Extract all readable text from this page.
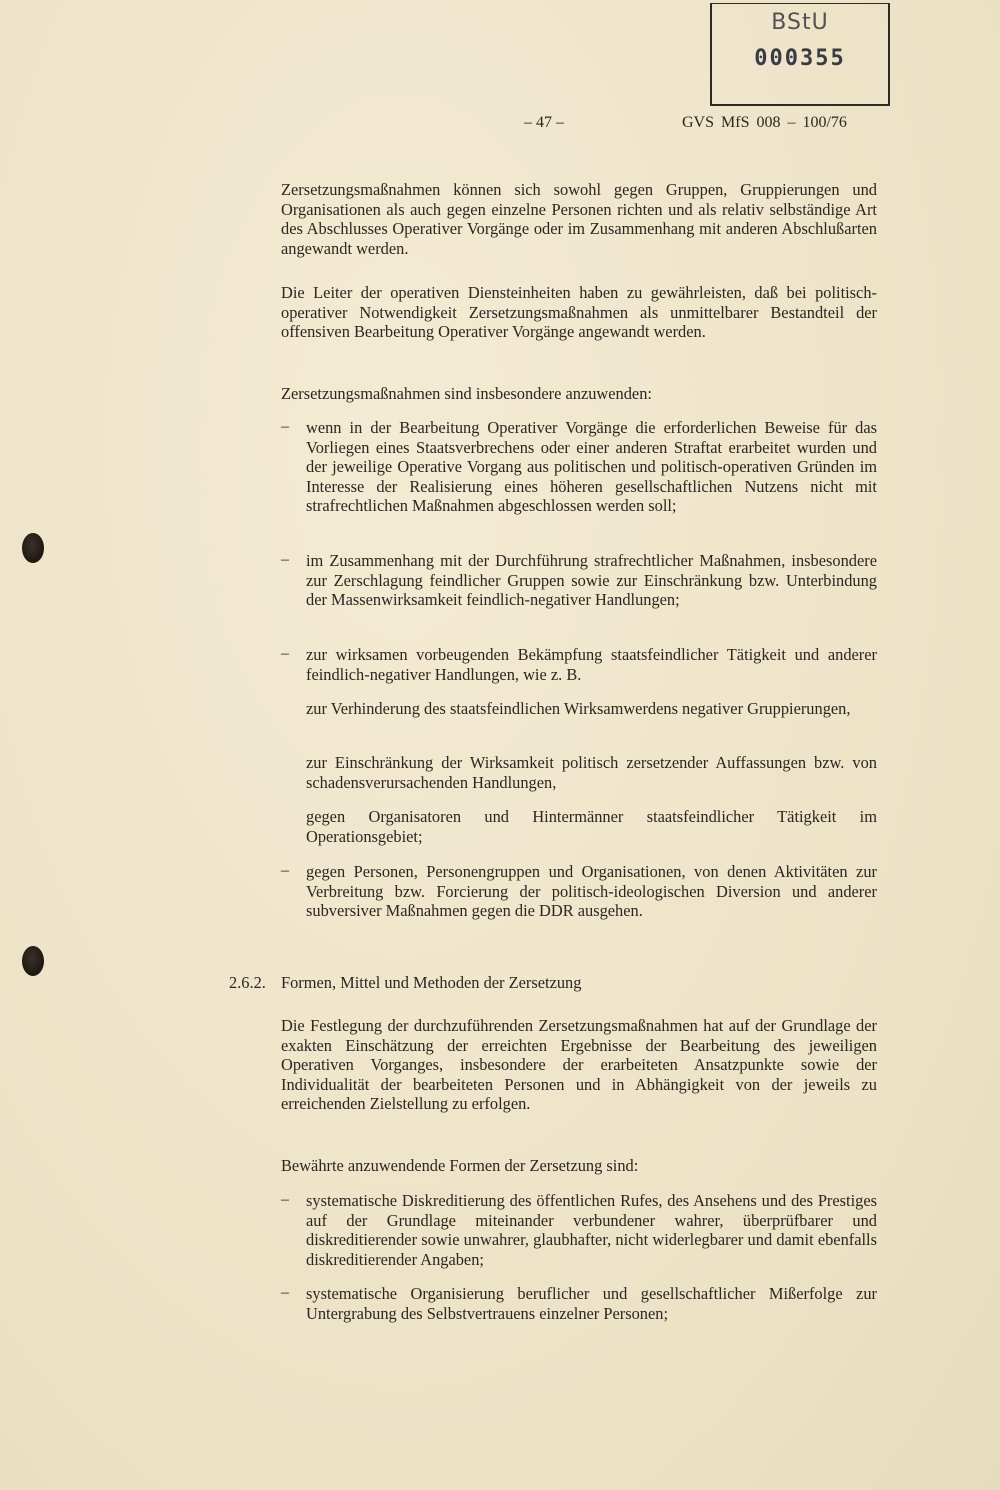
BStU
000355
– 47 –	GVS MfS 008 – 100/76

Zersetzungsmaßnahmen können sich sowohl gegen Gruppen, Gruppierungen und Organisationen als auch gegen einzelne Personen richten und als relativ selbständige Art des Abschlusses Operativer Vorgänge oder im Zusammenhang mit anderen Abschlußarten angewandt werden.

Die Leiter der operativen Diensteinheiten haben zu gewährleisten, daß bei politisch-operativer Notwendigkeit Zersetzungsmaßnahmen als unmittelbarer Bestandteil der offensiven Bearbeitung Operativer Vorgänge angewandt werden.

Zersetzungsmaßnahmen sind insbesondere anzuwenden:

– wenn in der Bearbeitung Operativer Vorgänge die erforderlichen Beweise für das Vorliegen eines Staatsverbrechens oder einer anderen Straftat erarbeitet wurden und der jeweilige Operative Vorgang aus politischen und politisch-operativen Gründen im Interesse der Realisierung eines höheren gesellschaftlichen Nutzens nicht mit strafrechtlichen Maßnahmen abgeschlossen werden soll;

– im Zusammenhang mit der Durchführung strafrechtlicher Maßnahmen, insbesondere zur Zerschlagung feindlicher Gruppen sowie zur Einschränkung bzw. Unterbindung der Massenwirksamkeit feindlich-negativer Handlungen;

– zur wirksamen vorbeugenden Bekämpfung staatsfeindlicher Tätigkeit und anderer feindlich-negativer Handlungen, wie z. B.

zur Verhinderung des staatsfeindlichen Wirksamwerdens negativer Gruppierungen,

zur Einschränkung der Wirksamkeit politisch zersetzender Auffassungen bzw. von schadensverursachenden Handlungen,

gegen Organisatoren und Hintermänner staatsfeindlicher Tätigkeit im Operationsgebiet;

– gegen Personen, Personengruppen und Organisationen, von denen Aktivitäten zur Verbreitung bzw. Forcierung der politisch-ideologischen Diversion und anderer subversiver Maßnahmen gegen die DDR ausgehen.

2.6.2. Formen, Mittel und Methoden der Zersetzung

Die Festlegung der durchzuführenden Zersetzungsmaßnahmen hat auf der Grundlage der exakten Einschätzung der erreichten Ergebnisse der Bearbeitung des jeweiligen Operativen Vorganges, insbesondere der erarbeiteten Ansatzpunkte sowie der Individualität der bearbeiteten Personen und in Abhängigkeit von der jeweils zu erreichenden Zielstellung zu erfolgen.

Bewährte anzuwendende Formen der Zersetzung sind:

– systematische Diskreditierung des öffentlichen Rufes, des Ansehens und des Prestiges auf der Grundlage miteinander verbundener wahrer, überprüfbarer und diskreditierender sowie unwahrer, glaubhafter, nicht widerlegbarer und damit ebenfalls diskreditierender Angaben;

– systematische Organisierung beruflicher und gesellschaftlicher Mißerfolge zur Untergrabung des Selbstvertrauens einzelner Personen;
